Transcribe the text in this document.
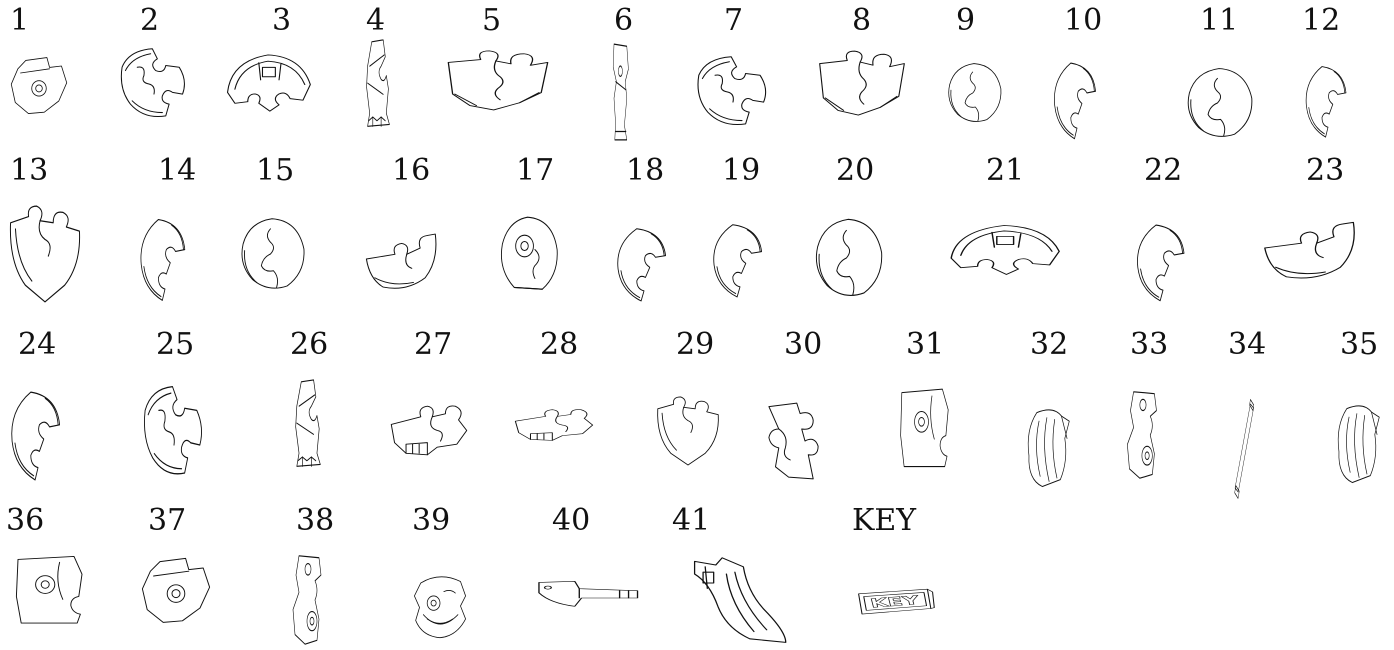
1	2	3 4	5	6	7	8	9	10	11 12
13	14 15	16	17 18 19	20	21	22	23
24	25	26	27	28	29 30	31	32 33 34 35
36	37	38	39	40	41	KEY
KEY
